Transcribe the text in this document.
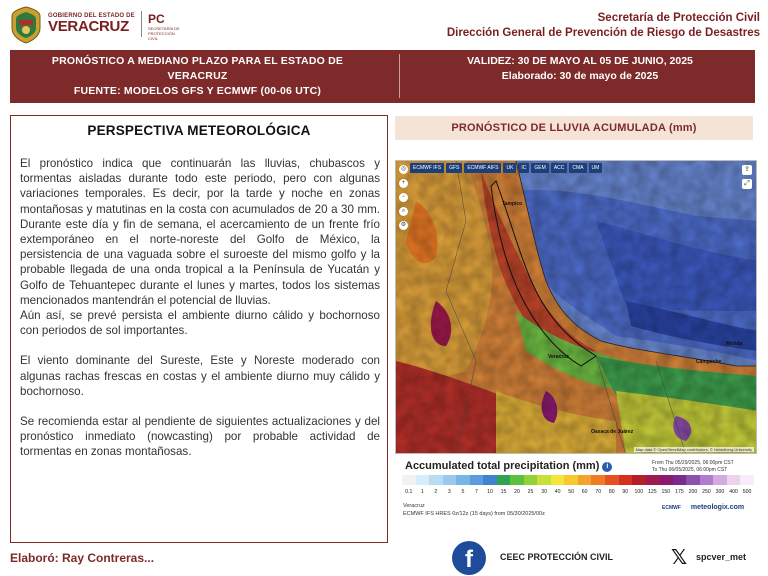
GOBIERNO DEL ESTADO DE
VERACRUZ	PC
SECRETARÍA DE PROTECCIÓN CIVIL
Secretaría de Protección Civil
Dirección General de Prevención de Riesgo de Desastres
PRONÓSTICO A MEDIANO PLAZO PARA EL ESTADO DE
VERACRUZ
FUENTE: MODELOS GFS Y ECMWF (00-06 UTC)
VALIDEZ: 30 DE MAYO AL 05 DE JUNIO, 2025
Elaborado: 30 de mayo de 2025
PERSPECTIVA METEOROLÓGICA

El pronóstico indica que continuarán las lluvias, chubascos y tormentas aisladas durante todo este periodo, pero con algunas variaciones temporales. Es decir, por la tarde y noche en zonas montañosas y matutinas en la costa con acumulados de 20 a 30 mm. Durante este día y fin de semana, el acercamiento de un frente frío extemporáneo en el norte-noreste del Golfo de México, la persistencia de una vaguada sobre el suroeste del mismo golfo y la probable llegada de una onda tropical a la Península de Yucatán y Golfo de Tehuantepec durante el lunes y martes, todos los sistemas mencionados mantendrán el potencial de lluvias.

Aún así, se prevé persista el ambiente diurno cálido y bochornoso con periodos de sol importantes.

El viento dominante del Sureste, Este y Noreste moderado con algunas rachas frescas en costas y el ambiente diurno muy cálido y bochornoso.

Se recomienda estar al pendiente de siguientes actualizaciones y del pronóstico inmediato (nowcasting) por probable actividad de tormentas en zonas montañosas.

PRONÓSTICO DE LLUVIA ACUMULADA (mm)
◎
+
−
⌕
⚙
ECMWF IFS	GFS	ECMWF AIFS	UK	IC	GEM	ACC	CMA	UM	⇪
⤢
Tampico
Veracruz
Campeche
Mérida
Oaxaca de Juárez
Map data © OpenStreetMap contributors, © Heidelberg University
Accumulated total precipitation (mm) i	From Thu 05/29/2025, 06:00pm CST
To Thu 06/05/2025, 06:00pm CST
0.1	1	2	3	5	7	10	15	20	25	30	40	50	60	70	80	90	100 125 150 175 200 250 300 400 500
Veracruz
ECMWF IFS HRES 0z/12z (15 days) from 05/30/2025/00z
ECMWF meteologix.com
Elaboró: Ray Contreras...	f	CEEC PROTECCIÓN CIVIL	𝕏 spcver_met
